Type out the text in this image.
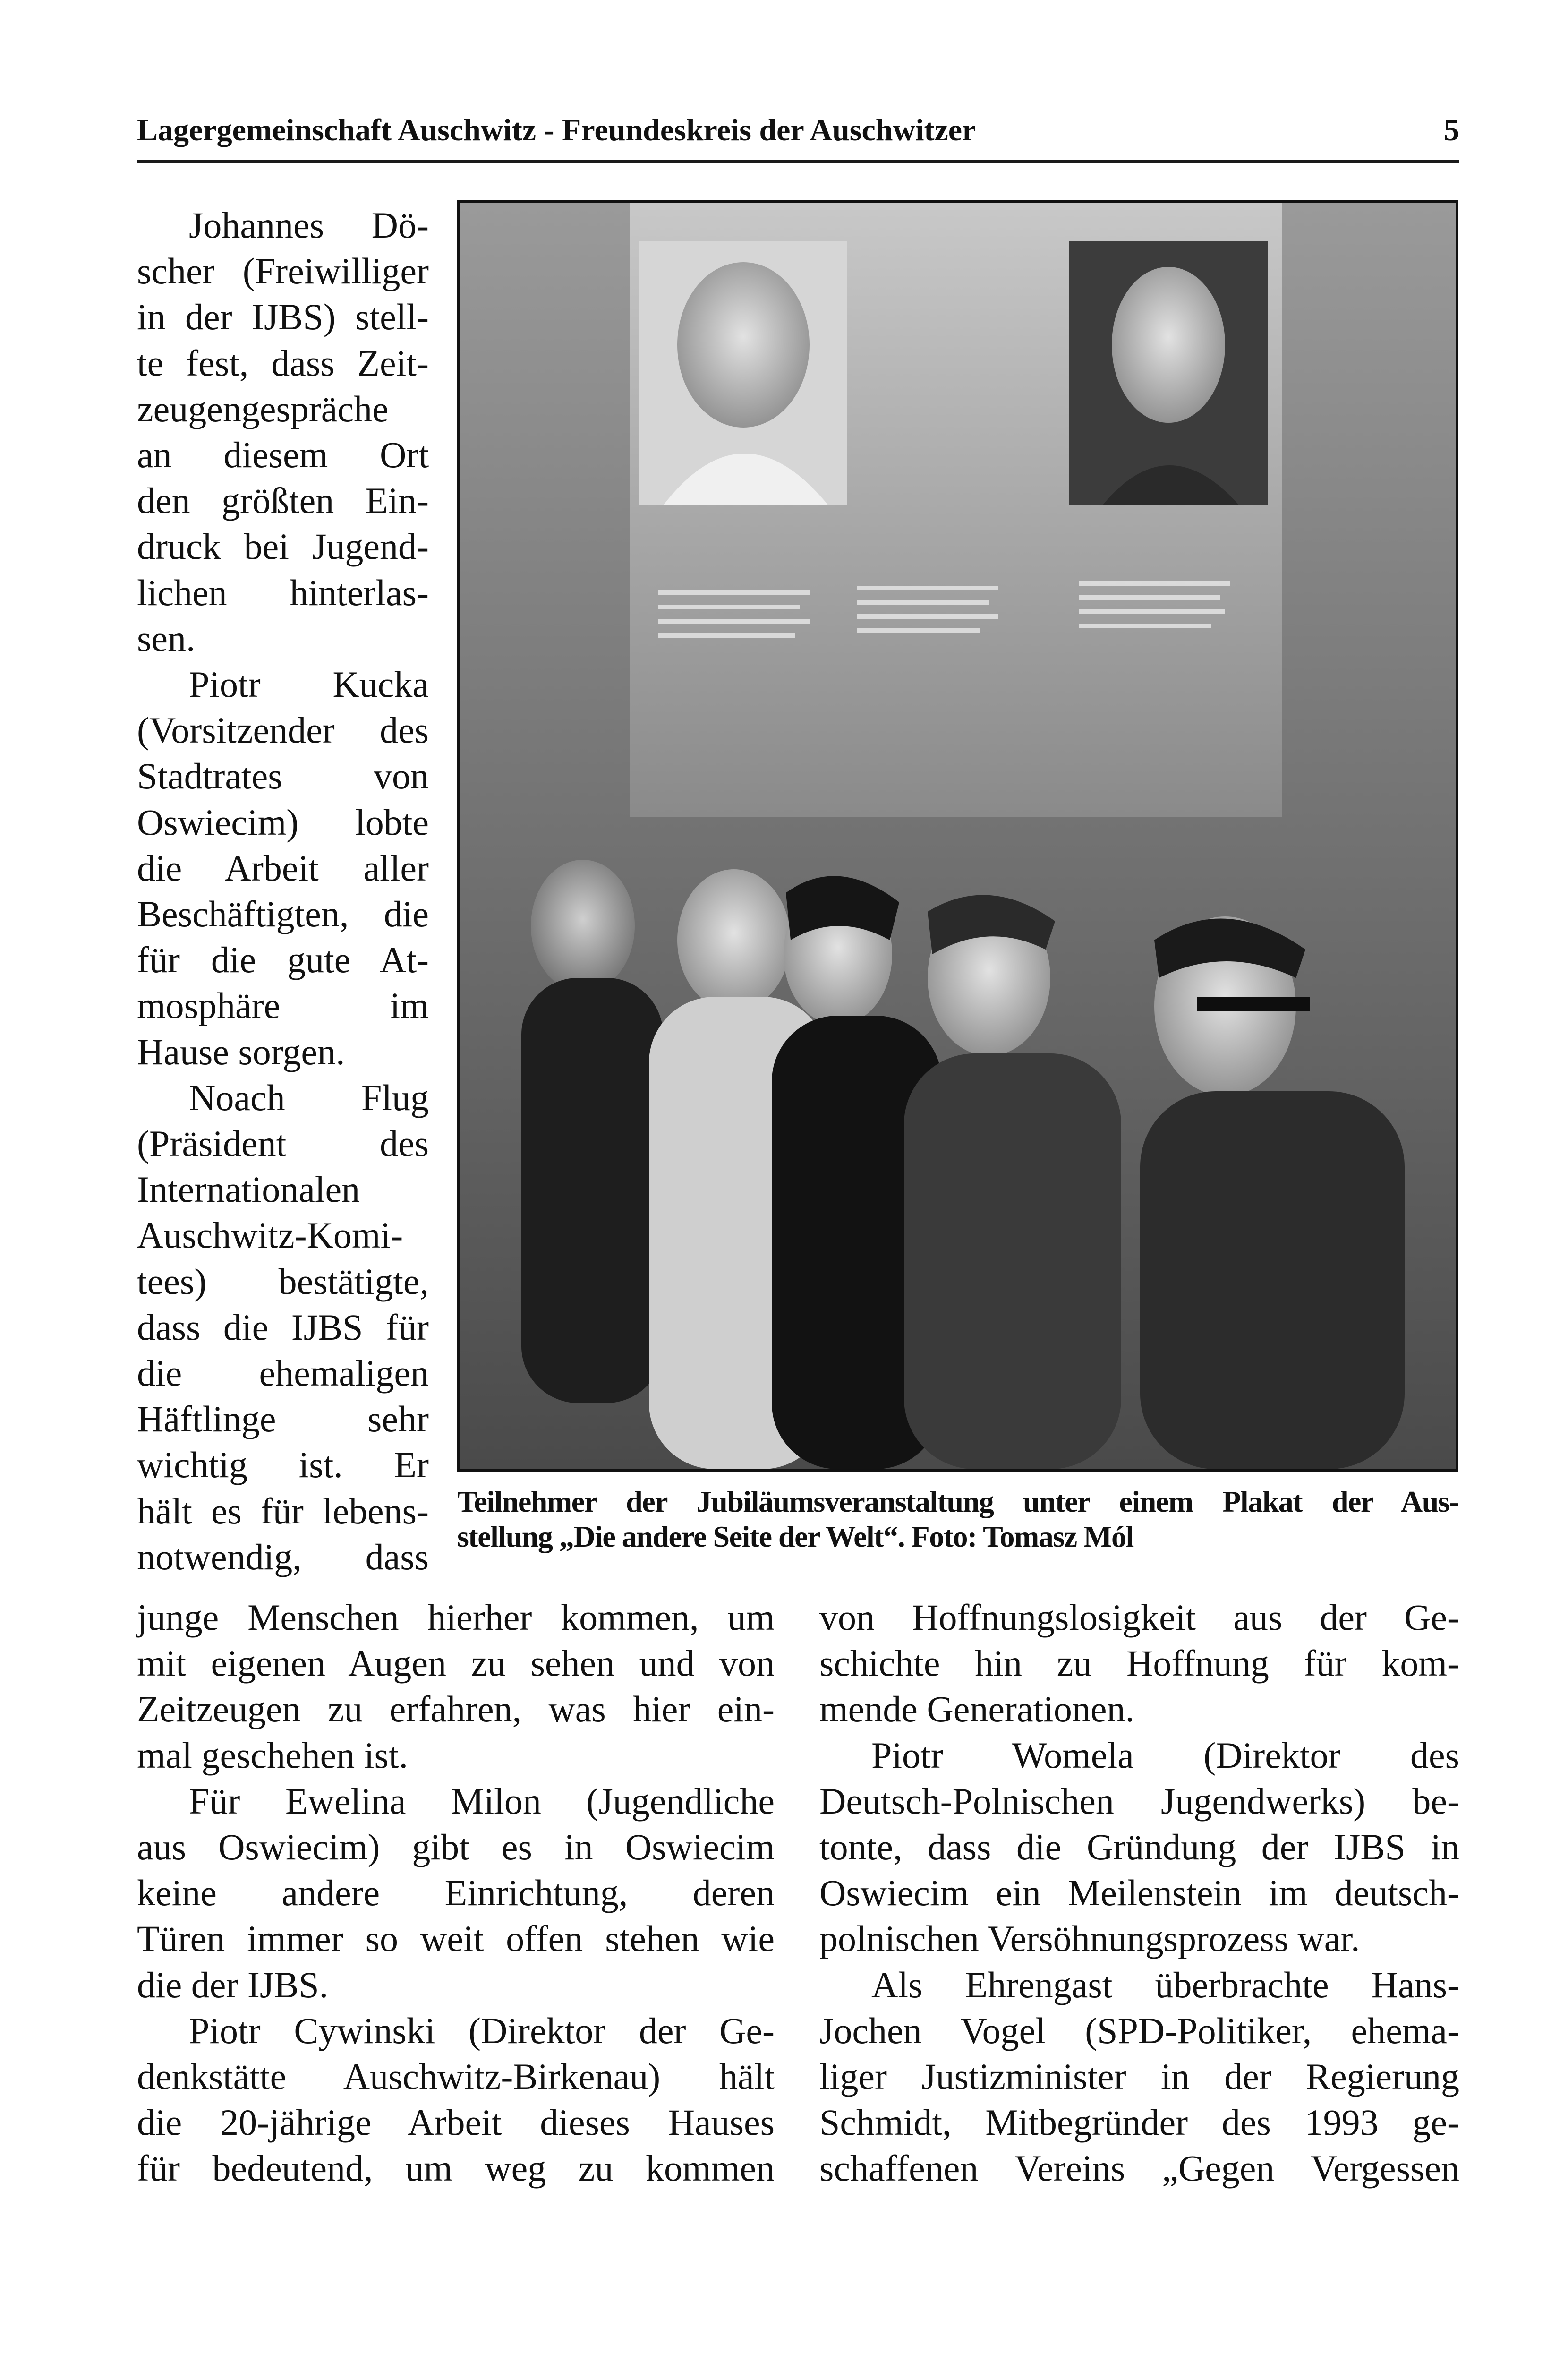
Lagergemeinschaft Auschwitz - Freundeskreis der Auschwitzer	5

Johannes Dö-

scher (Freiwilliger

in der IJBS) stell-

te fest, dass Zeit-

zeugengespräche

an diesem Ort

den größten Ein-

druck bei Jugend-

lichen hinterlas-

sen.

Piotr Kucka

(Vorsitzender des

Stadtrates von

Oswiecim) lobte

die Arbeit aller

Beschäftigten, die

für die gute At-

mosphäre im

Hause sorgen.

Noach Flug

(Präsident des

Internationalen

Auschwitz-Komi-

tees) bestätigte,

dass die IJBS für

die ehemaligen

Häftlinge sehr

wichtig ist. Er

hält es für lebens-

notwendig, dass

Teilnehmer der Jubiläumsveranstaltung unter einem Plakat der Aus-

stellung „Die andere Seite der Welt“. Foto: Tomasz Mól

junge Menschen hierher kommen, um

mit eigenen Augen zu sehen und von

Zeitzeugen zu erfahren, was hier ein-

mal geschehen ist.

Für Ewelina Milon (Jugendliche

aus Oswiecim) gibt es in Oswiecim

keine andere Einrichtung, deren

Türen immer so weit offen stehen wie

die der IJBS.

Piotr Cywinski (Direktor der Ge-

denkstätte Auschwitz-Birkenau) hält

die 20-jährige Arbeit dieses Hauses

für bedeutend, um weg zu kommen

von Hoffnungslosigkeit aus der Ge-

schichte hin zu Hoffnung für kom-

mende Generationen.

Piotr Womela (Direktor des

Deutsch-Polnischen Jugendwerks) be-

tonte, dass die Gründung der IJBS in

Oswiecim ein Meilenstein im deutsch-

polnischen Versöhnungsprozess war.

Als Ehrengast überbrachte Hans-

Jochen Vogel (SPD-Politiker, ehema-

liger Justizminister in der Regierung

Schmidt, Mitbegründer des 1993 ge-

schaffenen Vereins „Gegen Vergessen
